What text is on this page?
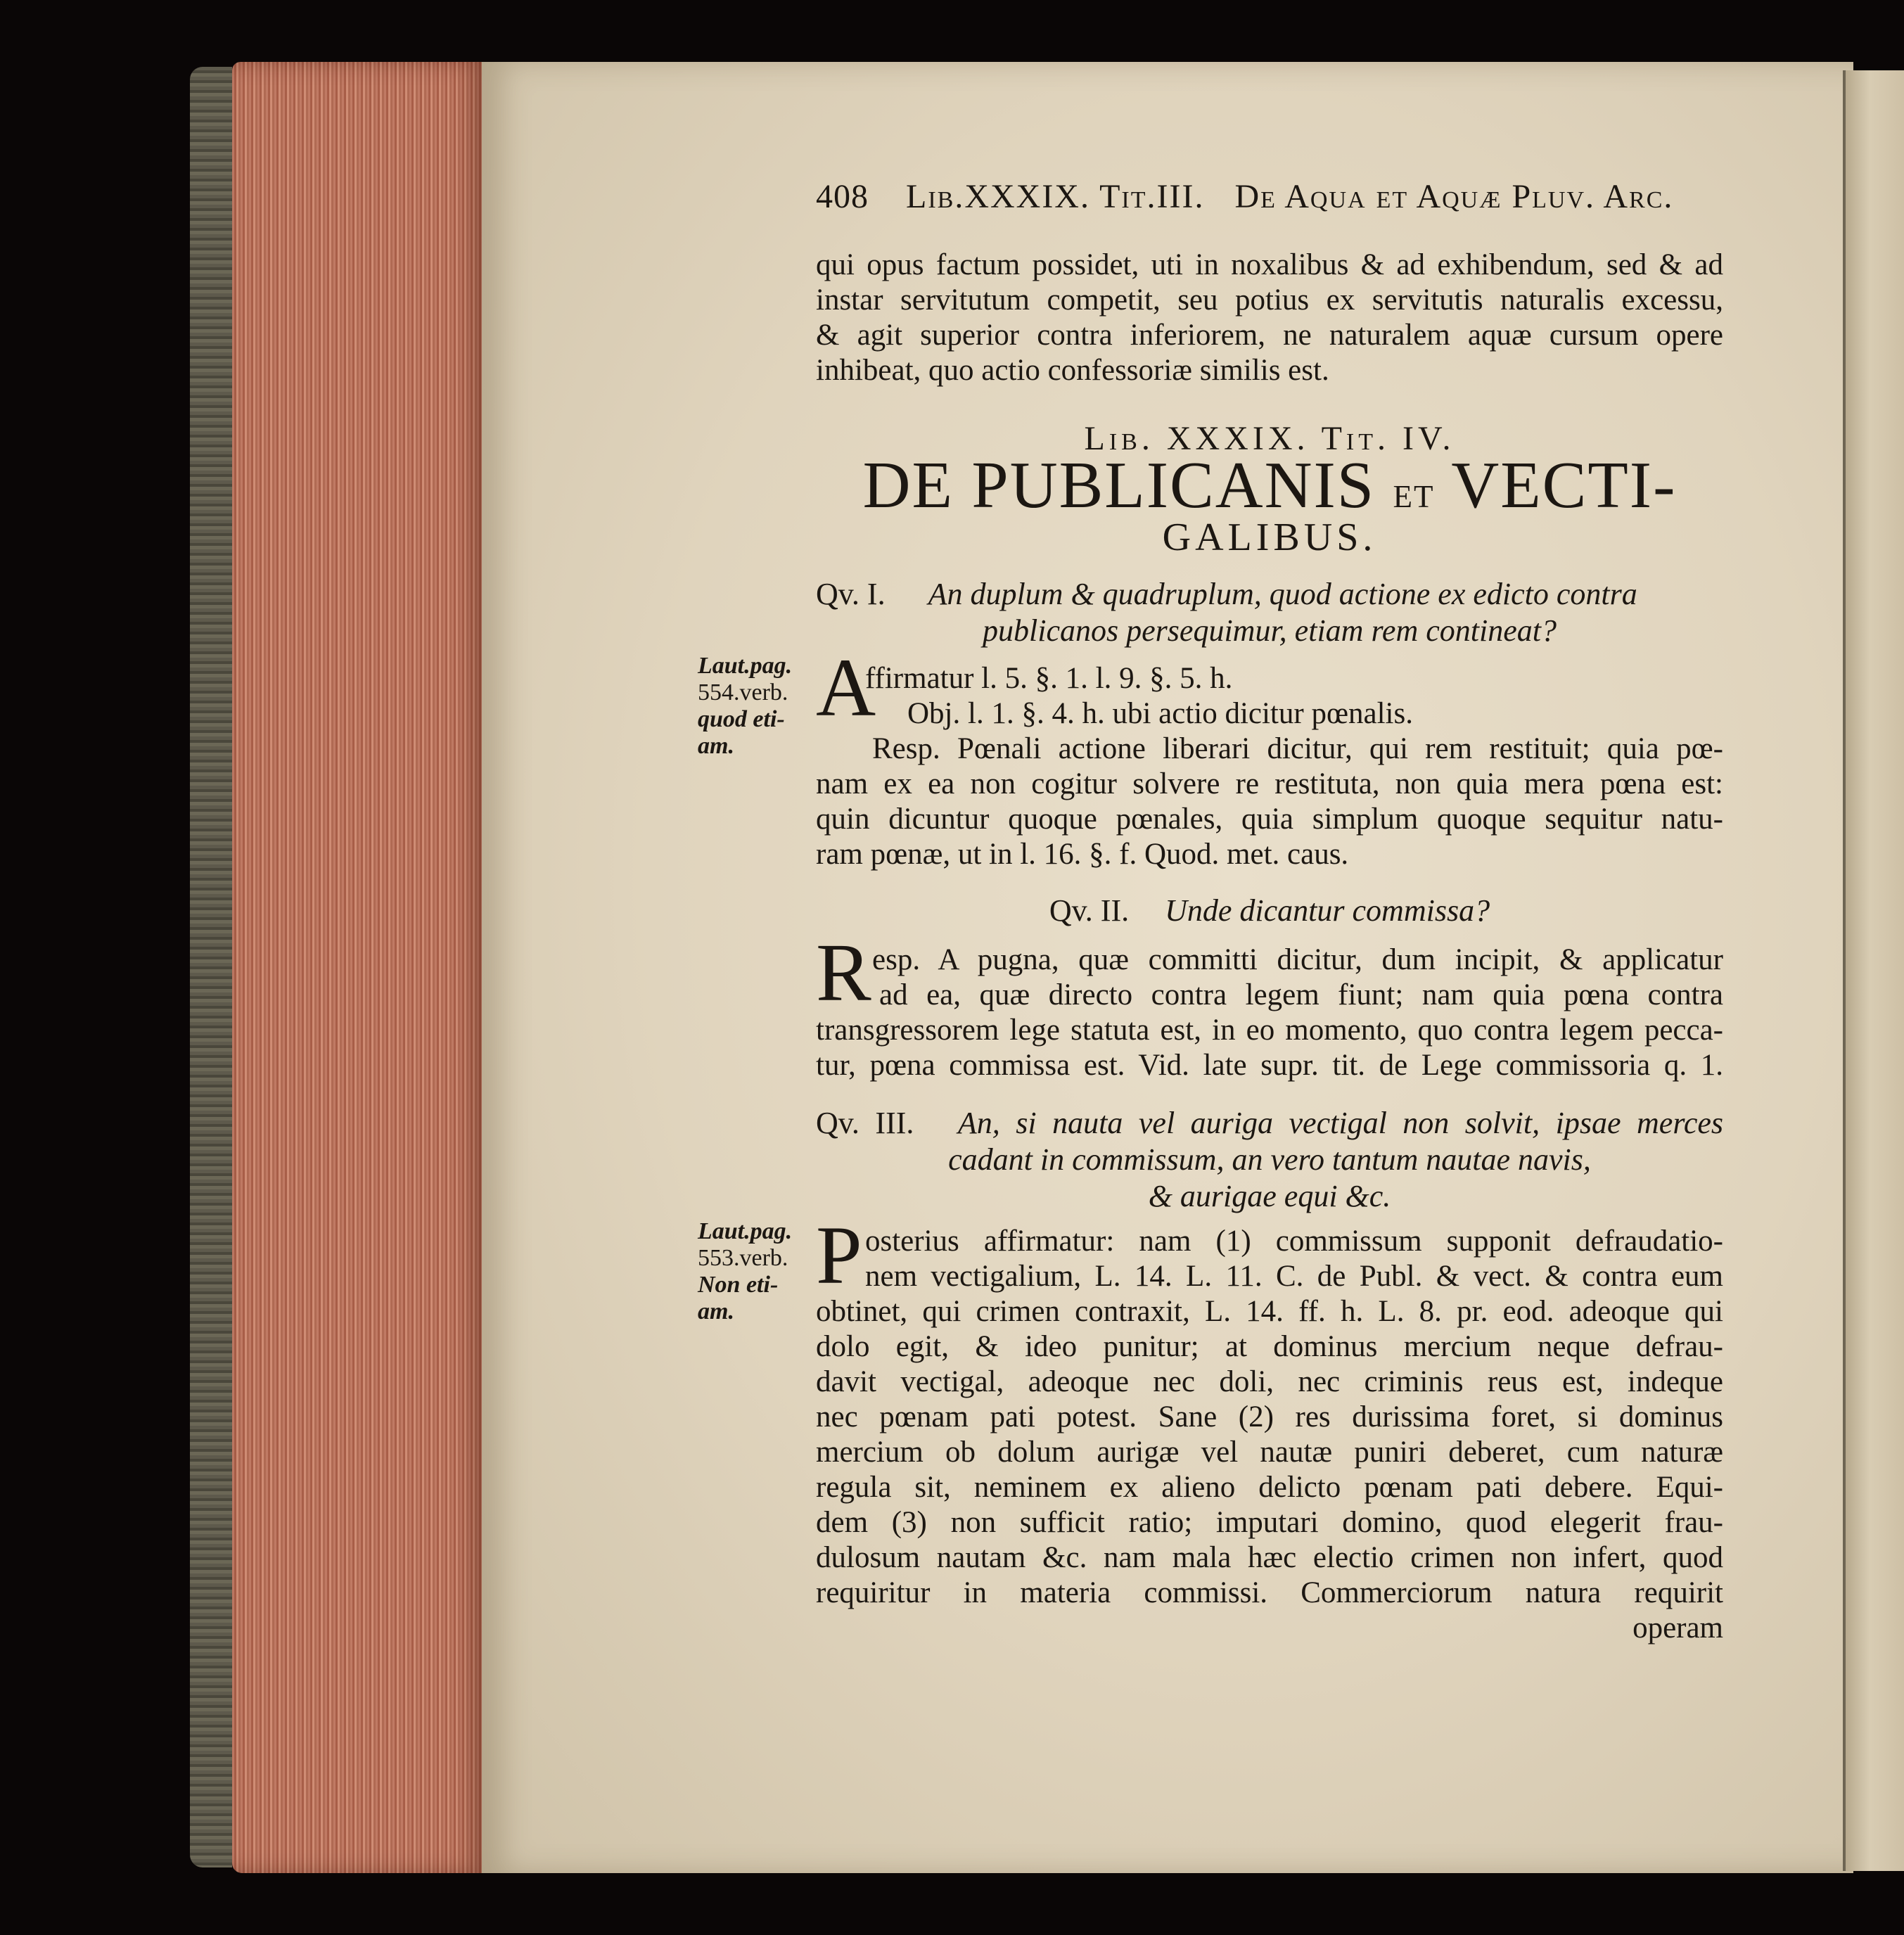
408 Lib.XXXIX. Tit.III. De Aqua et Aquæ Pluv. Arc.
qui opus factum possidet, uti in noxalibus & ad exhibendum, sed & ad
instar servitutum competit, seu potius ex servitutis naturalis excessu,
& agit superior contra inferiorem, ne naturalem aquæ cursum opere
inhibeat, quo actio confessoriæ similis est.
Lib. XXXIX. Tit. IV.
DE PUBLICANIS et VECTI-
GALIBUS.
Qv. I. An duplum & quadruplum, quod actione ex edicto contra
publicanos persequimur, etiam rem contineat?
Laut.pag.
554.verb.
quod eti-
am.
A
ffirmatur l. 5. §. 1. l. 9. §. 5. h.
Obj. l. 1. §. 4. h. ubi actio dicitur pœnalis.
Resp. Pœnali actione liberari dicitur, qui rem restituit; quia pœ-
nam ex ea non cogitur solvere re restituta, non quia mera pœna est:
quin dicuntur quoque pœnales, quia simplum quoque sequitur natu-
ram pœnæ, ut in l. 16. §. f. Quod. met. caus.
Qv. II. Unde dicantur commissa?
R esp. A pugna, quæ committi dicitur, dum incipit, & applicatur
ad ea, quæ directo contra legem fiunt; nam quia pœna contra
transgressorem lege statuta est, in eo momento, quo contra legem pecca-
tur, pœna commissa est. Vid. late supr. tit. de Lege commissoria q. 1.
Qv. III. An, si nauta vel auriga vectigal non solvit, ipsae merces
cadant in commissum, an vero tantum nautae navis,
& aurigae equi &c.
Laut.pag.
553.verb.
Non eti-
am.
P osterius affirmatur: nam (1) commissum supponit defraudatio-
nem vectigalium, L. 14. L. 11. C. de Publ. & vect. & contra eum
obtinet, qui crimen contraxit, L. 14. ff. h. L. 8. pr. eod. adeoque qui
dolo egit, & ideo punitur; at dominus mercium neque defrau-
davit vectigal, adeoque nec doli, nec criminis reus est, indeque
nec pœnam pati potest. Sane (2) res durissima foret, si dominus
mercium ob dolum aurigæ vel nautæ puniri deberet, cum naturæ
regula sit, neminem ex alieno delicto pœnam pati debere. Equi-
dem (3) non sufficit ratio; imputari domino, quod elegerit frau-
dulosum nautam &c. nam mala hæc electio crimen non infert, quod
requiritur in materia commissi. Commerciorum natura requirit
operam
